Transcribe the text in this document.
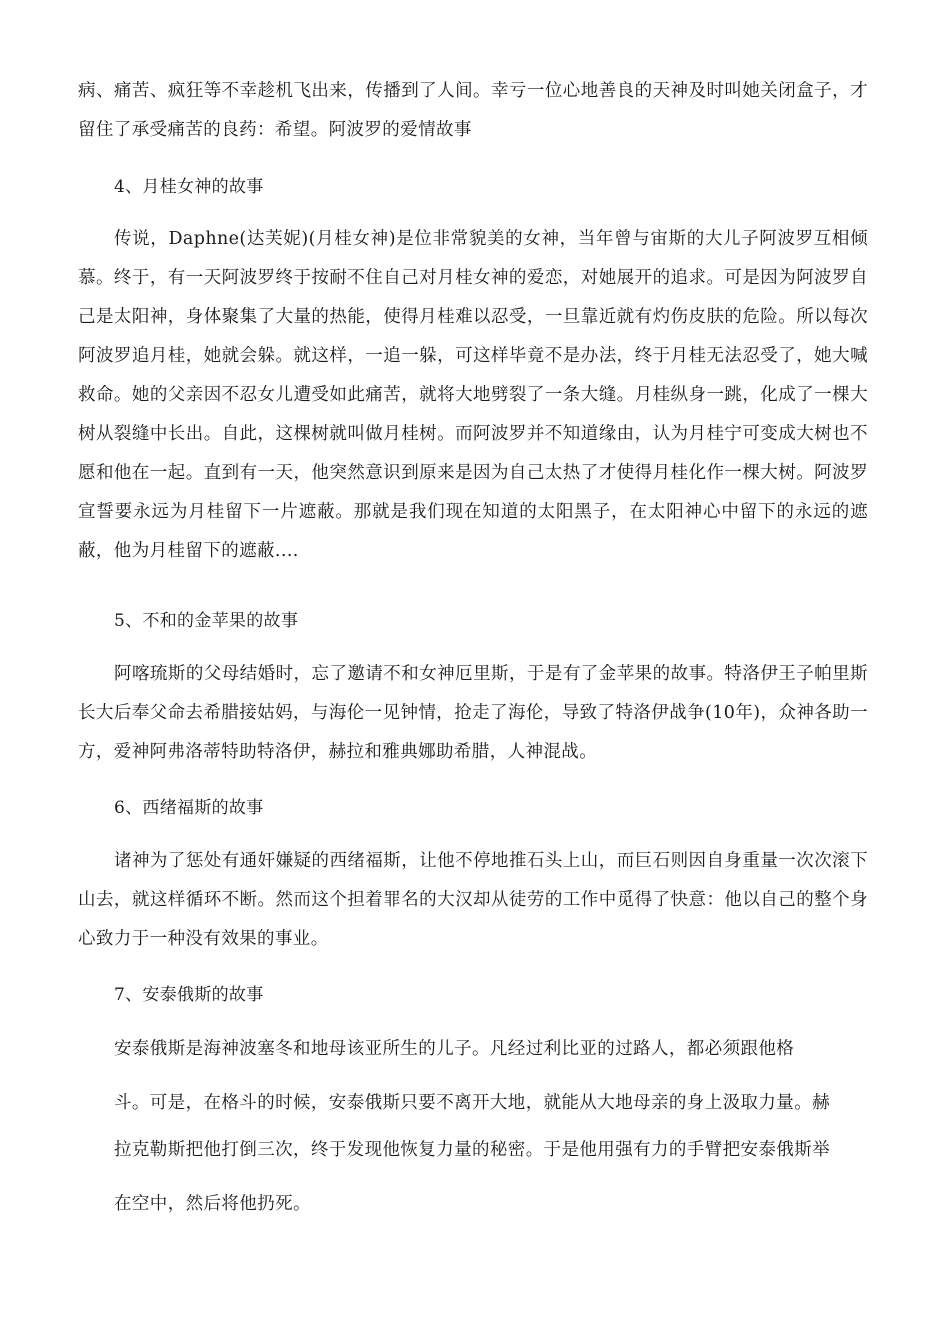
病、痛苦、疯狂等不幸趁机飞出来，传播到了人间。幸亏一位心地善良的天神及时叫她关闭盒子，才留住了承受痛苦的良药：希望。阿波罗的爱情故事

4、月桂女神的故事

传说，Daphne(达芙妮)(月桂女神)是位非常貌美的女神，当年曾与宙斯的大儿子阿波罗互相倾慕。终于，有一天阿波罗终于按耐不住自己对月桂女神的爱恋，对她展开的追求。可是因为阿波罗自己是太阳神，身体聚集了大量的热能，使得月桂难以忍受，一旦靠近就有灼伤皮肤的危险。所以每次阿波罗追月桂，她就会躲。就这样，一追一躲，可这样毕竟不是办法，终于月桂无法忍受了，她大喊救命。她的父亲因不忍女儿遭受如此痛苦，就将大地劈裂了一条大缝。月桂纵身一跳，化成了一棵大树从裂缝中长出。自此，这棵树就叫做月桂树。而阿波罗并不知道缘由，认为月桂宁可变成大树也不愿和他在一起。直到有一天，他突然意识到原来是因为自己太热了才使得月桂化作一棵大树。阿波罗宣誓要永远为月桂留下一片遮蔽。那就是我们现在知道的太阳黑子，在太阳神心中留下的永远的遮蔽，他为月桂留下的遮蔽....

5、不和的金苹果的故事

阿喀琉斯的父母结婚时，忘了邀请不和女神厄里斯，于是有了金苹果的故事。特洛伊王子帕里斯长大后奉父命去希腊接姑妈，与海伦一见钟情，抢走了海伦，导致了特洛伊战争(10年)，众神各助一方，爱神阿弗洛蒂特助特洛伊，赫拉和雅典娜助希腊，人神混战。

6、西绪福斯的故事

诸神为了惩处有通奸嫌疑的西绪福斯，让他不停地推石头上山，而巨石则因自身重量一次次滚下山去，就这样循环不断。然而这个担着罪名的大汉却从徒劳的工作中觅得了快意：他以自己的整个身心致力于一种没有效果的事业。

7、安泰俄斯的故事

安泰俄斯是海神波塞冬和地母该亚所生的儿子。凡经过利比亚的过路人，都必须跟他格

斗。可是，在格斗的时候，安泰俄斯只要不离开大地，就能从大地母亲的身上汲取力量。赫

拉克勒斯把他打倒三次，终于发现他恢复力量的秘密。于是他用强有力的手臂把安泰俄斯举

在空中，然后将他扔死。
